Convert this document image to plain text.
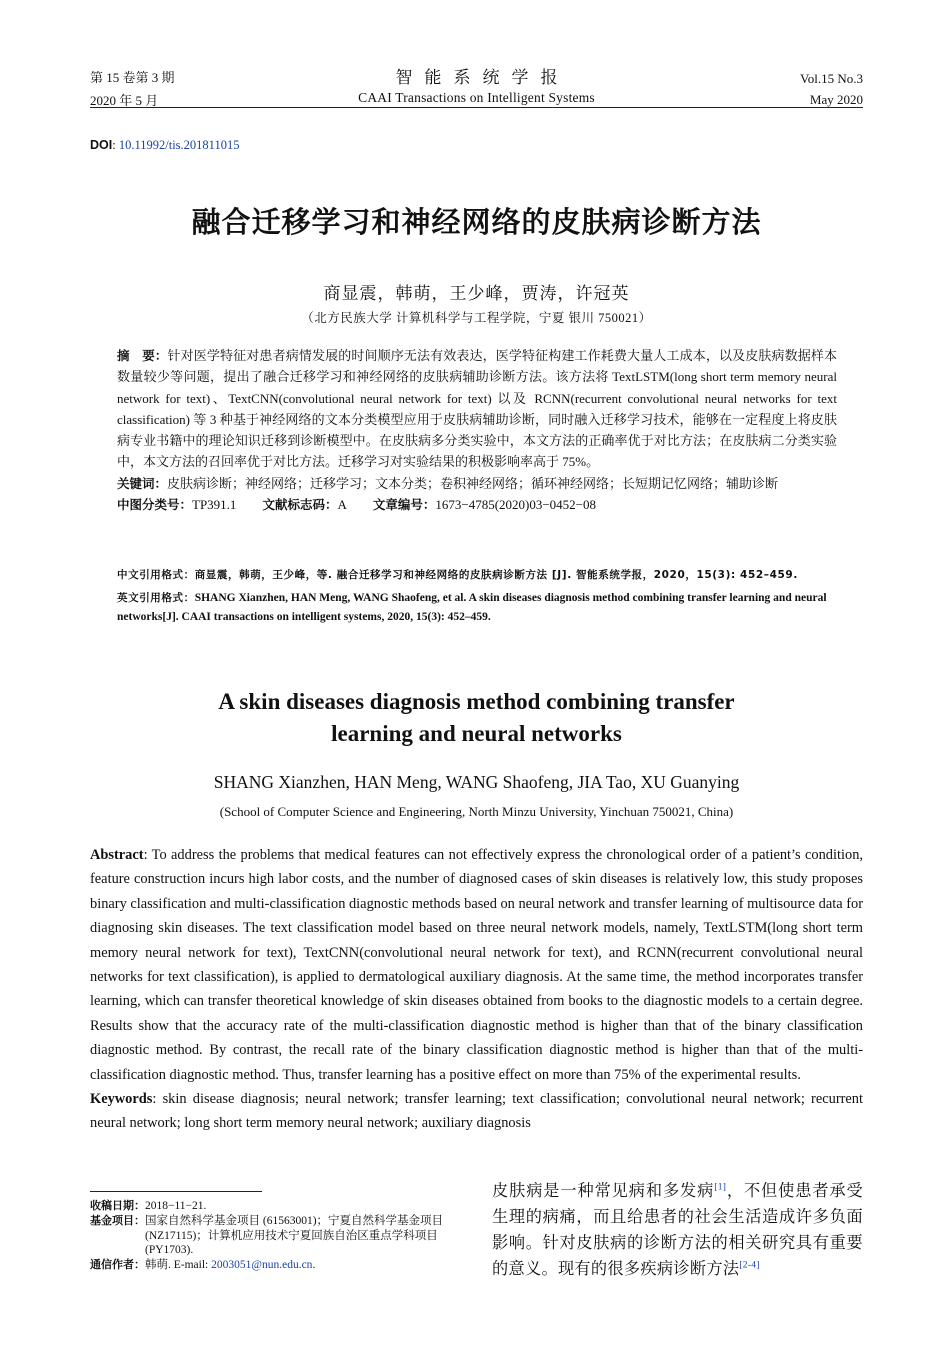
第 15 卷第 3 期
2020 年 5 月
智能系统学报
CAAI Transactions on Intelligent Systems
Vol.15 No.3
May 2020
DOI: 10.11992/tis.201811015
融合迁移学习和神经网络的皮肤病诊断方法
商显震，韩萌，王少峰，贾涛，许冠英
（北方民族大学 计算机科学与工程学院，宁夏 银川 750021）
摘　要：针对医学特征对患者病情发展的时间顺序无法有效表达，医学特征构建工作耗费大量人工成本，以及皮肤病数据样本数量较少等问题，提出了融合迁移学习和神经网络的皮肤病辅助诊断方法。该方法将 TextLSTM(long short term memory neural network for text)、TextCNN(convolutional neural network for text) 以及 RCNN(recurrent convolutional neural networks for text classification) 等 3 种基于神经网络的文本分类模型应用于皮肤病辅助诊断，同时融入迁移学习技术，能够在一定程度上将皮肤病专业书籍中的理论知识迁移到诊断模型中。在皮肤病多分类实验中，本文方法的正确率优于对比方法；在皮肤病二分类实验中，本文方法的召回率优于对比方法。迁移学习对实验结果的积极影响率高于 75%。
关键词：皮肤病诊断；神经网络；迁移学习；文本分类；卷积神经网络；循环神经网络；长短期记忆网络；辅助诊断
中图分类号：TP391.1 文献标志码：A 文章编号：1673−4785(2020)03−0452−08
中文引用格式：商显震，韩萌，王少峰，等. 融合迁移学习和神经网络的皮肤病诊断方法 [J]. 智能系统学报，2020，15(3): 452–459.
英文引用格式：SHANG Xianzhen, HAN Meng, WANG Shaofeng, et al. A skin diseases diagnosis method combining transfer learning and neural networks[J]. CAAI transactions on intelligent systems, 2020, 15(3): 452–459.
A skin diseases diagnosis method combining transfer
learning and neural networks
SHANG Xianzhen, HAN Meng, WANG Shaofeng, JIA Tao, XU Guanying
(School of Computer Science and Engineering, North Minzu University, Yinchuan 750021, China)
Abstract: To address the problems that medical features can not effectively express the chronological order of a patient’s condition, feature construction incurs high labor costs, and the number of diagnosed cases of skin diseases is relatively low, this study proposes binary classification and multi-classification diagnostic methods based on neural network and transfer learning of multisource data for diagnosing skin diseases. The text classification model based on three neural network models, namely, TextLSTM(long short term memory neural network for text), TextCNN(convolutional neural network for text), and RCNN(recurrent convolutional neural networks for text classification), is applied to dermatological auxiliary diagnosis. At the same time, the method incorporates transfer learning, which can transfer theoretical knowledge of skin diseases obtained from books to the diagnostic models to a certain degree. Results show that the accuracy rate of the multi-classification diagnostic method is higher than that of the binary classification diagnostic method. By contrast, the recall rate of the binary classification diagnostic method is higher than that of the multi-classification diagnostic method. Thus, transfer learning has a positive effect on more than 75% of the experimental results.
Keywords: skin disease diagnosis; neural network; transfer learning; text classification; convolutional neural network; recurrent neural network; long short term memory neural network; auxiliary diagnosis
收稿日期： 2018−11−21.
基金项目： 国家自然科学基金项目 (61563001)；宁夏自然科学基金项目 (NZ17115)；计算机应用技术宁夏回族自治区重点学科项目 (PY1703).
通信作者： 韩萌. E-mail: 2003051@nun.edu.cn.
皮肤病是一种常见病和多发病[1]，不但使患者承受生理的病痛，而且给患者的社会生活造成许多负面影响。针对皮肤病的诊断方法的相关研究具有重要的意义。现有的很多疾病诊断方法[2-4]
